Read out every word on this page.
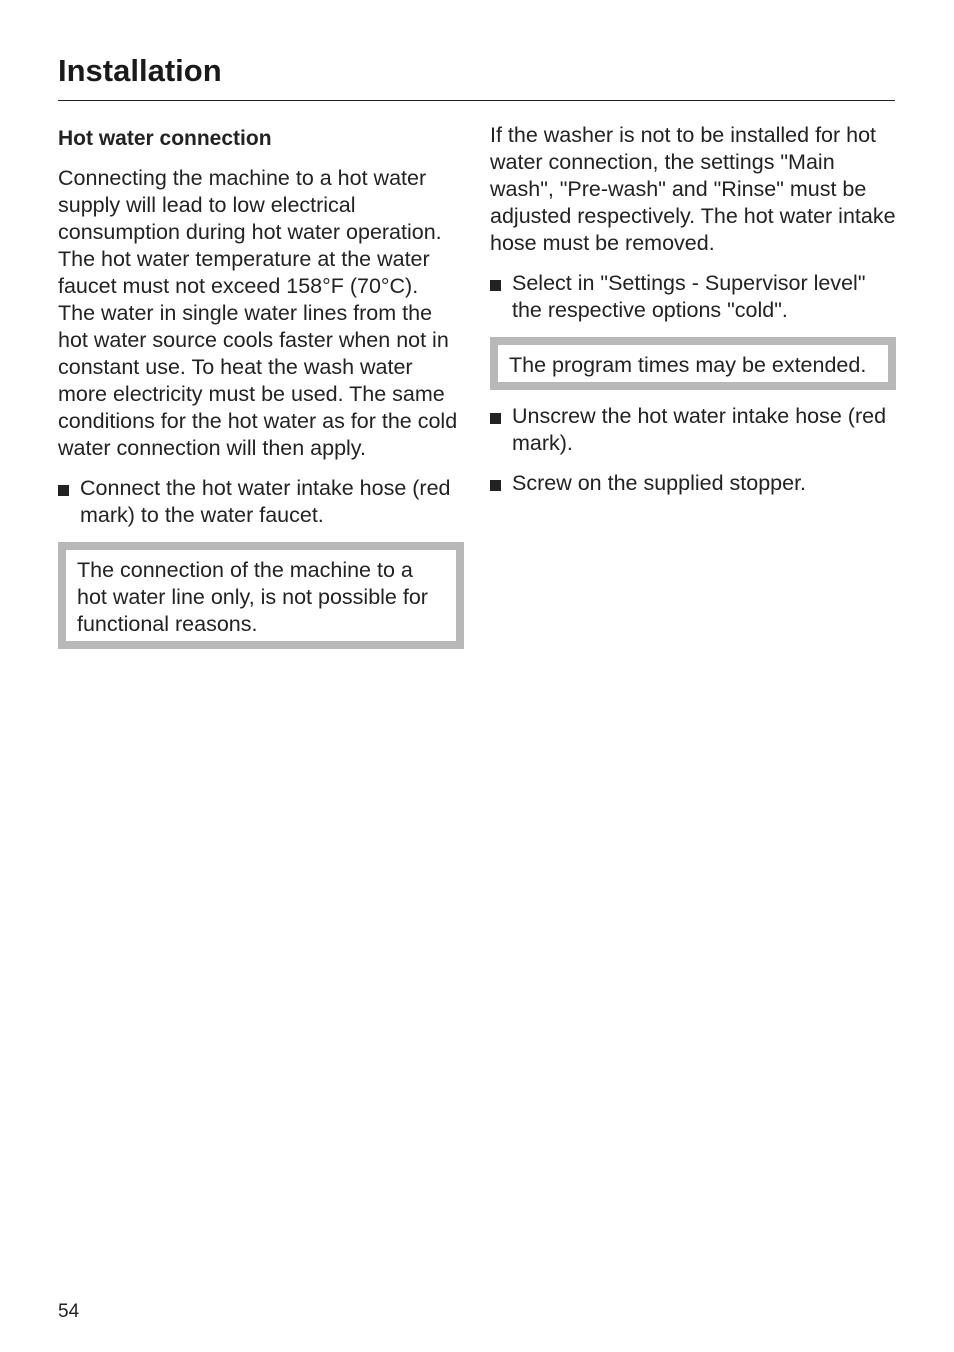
Installation
Hot water connection

Connecting the machine to a hot water supply will lead to low electrical consumption during hot water operation. The hot water temperature at the water faucet must not exceed 158°F (70°C).

The water in single water lines from the hot water source cools faster when not in constant use. To heat the wash water more electricity must be used. The same conditions for the hot water as for the cold water connection will then apply.

Connect the hot water intake hose (red mark) to the water faucet.

The connection of the machine to a hot water line only, is not possible for functional reasons.

If the washer is not to be installed for hot water connection, the settings "Main wash", "Pre-wash" and "Rinse" must be adjusted respectively. The hot water intake hose must be removed.

Select in "Settings - Supervisor level" the respective options "cold".

The program times may be extended.

Unscrew the hot water intake hose (red mark).
Screw on the supplied stopper.
54
